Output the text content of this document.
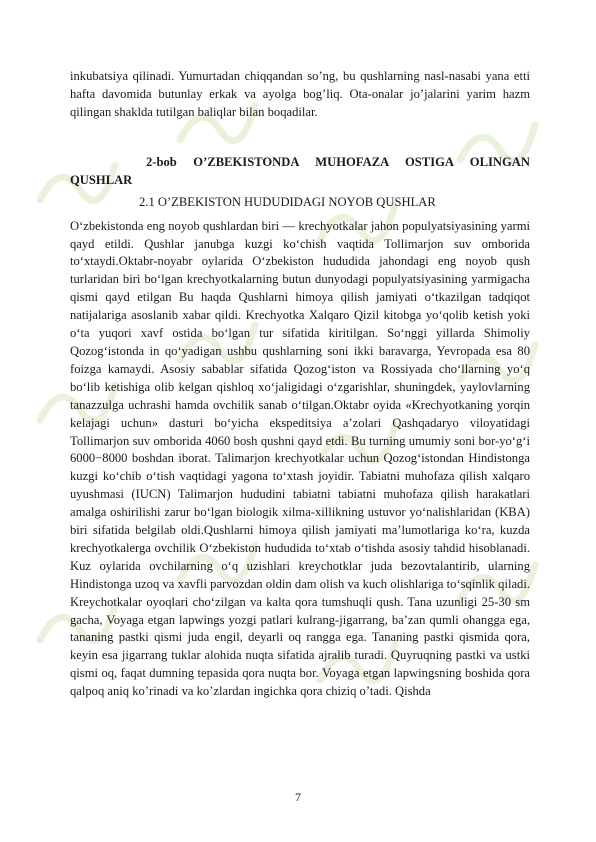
inkubatsiya qilinadi. Yumurtadan chiqqandan so’ng, bu qushlarning nasl-nasabi yana etti hafta davomida butunlay erkak va ayolga bog’liq. Ota-onalar jo’jalarini yarim hazm qilingan shaklda tutilgan baliqlar bilan boqadilar.

2-bob O’ZBEKISTONDA MUHOFAZA OSTIGA OLINGAN QUSHLAR

2.1 O’ZBEKISTON HUDUDIDAGI NOYOB QUSHLAR

O‘zbekistonda eng noyob qushlardan biri — krechyotkalar jahon populyatsiyasining yarmi qayd etildi. Qushlar janubga kuzgi ko‘chish vaqtida Tollimarjon suv omborida to‘xtaydi.Oktabr-noyabr oylarida O‘zbekiston hududida jahondagi eng noyob qush turlaridan biri bo‘lgan krechyotkalarning butun dunyodagi populyatsiyasining yarmigacha qismi qayd etilgan Bu haqda Qushlarni himoya qilish jamiyati o‘tkazilgan tadqiqot natijalariga asoslanib xabar qildi. Krechyotka Xalqaro Qizil kitobga yo‘qolib ketish yoki o‘ta yuqori xavf ostida bo‘lgan tur sifatida kiritilgan. So‘nggi yillarda Shimoliy Qozog‘istonda in qo‘yadigan ushbu qushlarning soni ikki baravarga, Yevropada esa 80 foizga kamaydi. Asosiy sabablar sifatida Qozog‘iston va Rossiyada cho‘llarning yo‘q bo‘lib ketishiga olib kelgan qishloq xo‘jaligidagi o‘zgarishlar, shuningdek, yaylovlarning tanazzulga uchrashi hamda ovchilik sanab o‘tilgan.Oktabr oyida «Krechyotkaning yorqin kelajagi uchun» dasturi bo‘yicha ekspeditsiya a’zolari Qashqadaryo viloyatidagi Tollimarjon suv omborida 4060 bosh qushni qayd etdi. Bu turning umumiy soni bor-yo‘g‘i 6000−8000 boshdan iborat. Talimarjon krechyotkalar uchun Qozog‘istondan Hindistonga kuzgi ko‘chib o‘tish vaqtidagi yagona to‘xtash joyidir. Tabiatni muhofaza qilish xalqaro uyushmasi (IUCN) Talimarjon hududini tabiatni tabiatni muhofaza qilish harakatlari amalga oshirilishi zarur bo‘lgan biologik xilma-xillikning ustuvor yo‘nalishlaridan (KBA) biri sifatida belgilab oldi.Qushlarni himoya qilish jamiyati ma’lumotlariga ko‘ra, kuzda krechyotkalerga ovchilik O‘zbekiston hududida to‘xtab o‘tishda asosiy tahdid hisoblanadi. Kuz oylarida ovchilarning o‘q uzishlari kreychotklar juda bezovtalantirib, ularning Hindistonga uzoq va xavfli parvozdan oldin dam olish va kuch olishlariga to‘sqinlik qiladi. Kreychotkalar oyoqlari cho‘zilgan va kalta qora tumshuqli qush. Tana uzunligi 25-30 sm gacha, Voyaga etgan lapwings yozgi patlari kulrang-jigarrang, ba’zan qumli ohangga ega, tananing pastki qismi juda engil, deyarli oq rangga ega. Tananing pastki qismida qora, keyin esa jigarrang tuklar alohida nuqta sifatida ajralib turadi. Quyruqning pastki va ustki qismi oq, faqat dumning tepasida qora nuqta bor. Voyaga etgan lapwingsning boshida qora qalpoq aniq ko’rinadi va ko’zlardan ingichka qora chiziq o’tadi. Qishda

7
